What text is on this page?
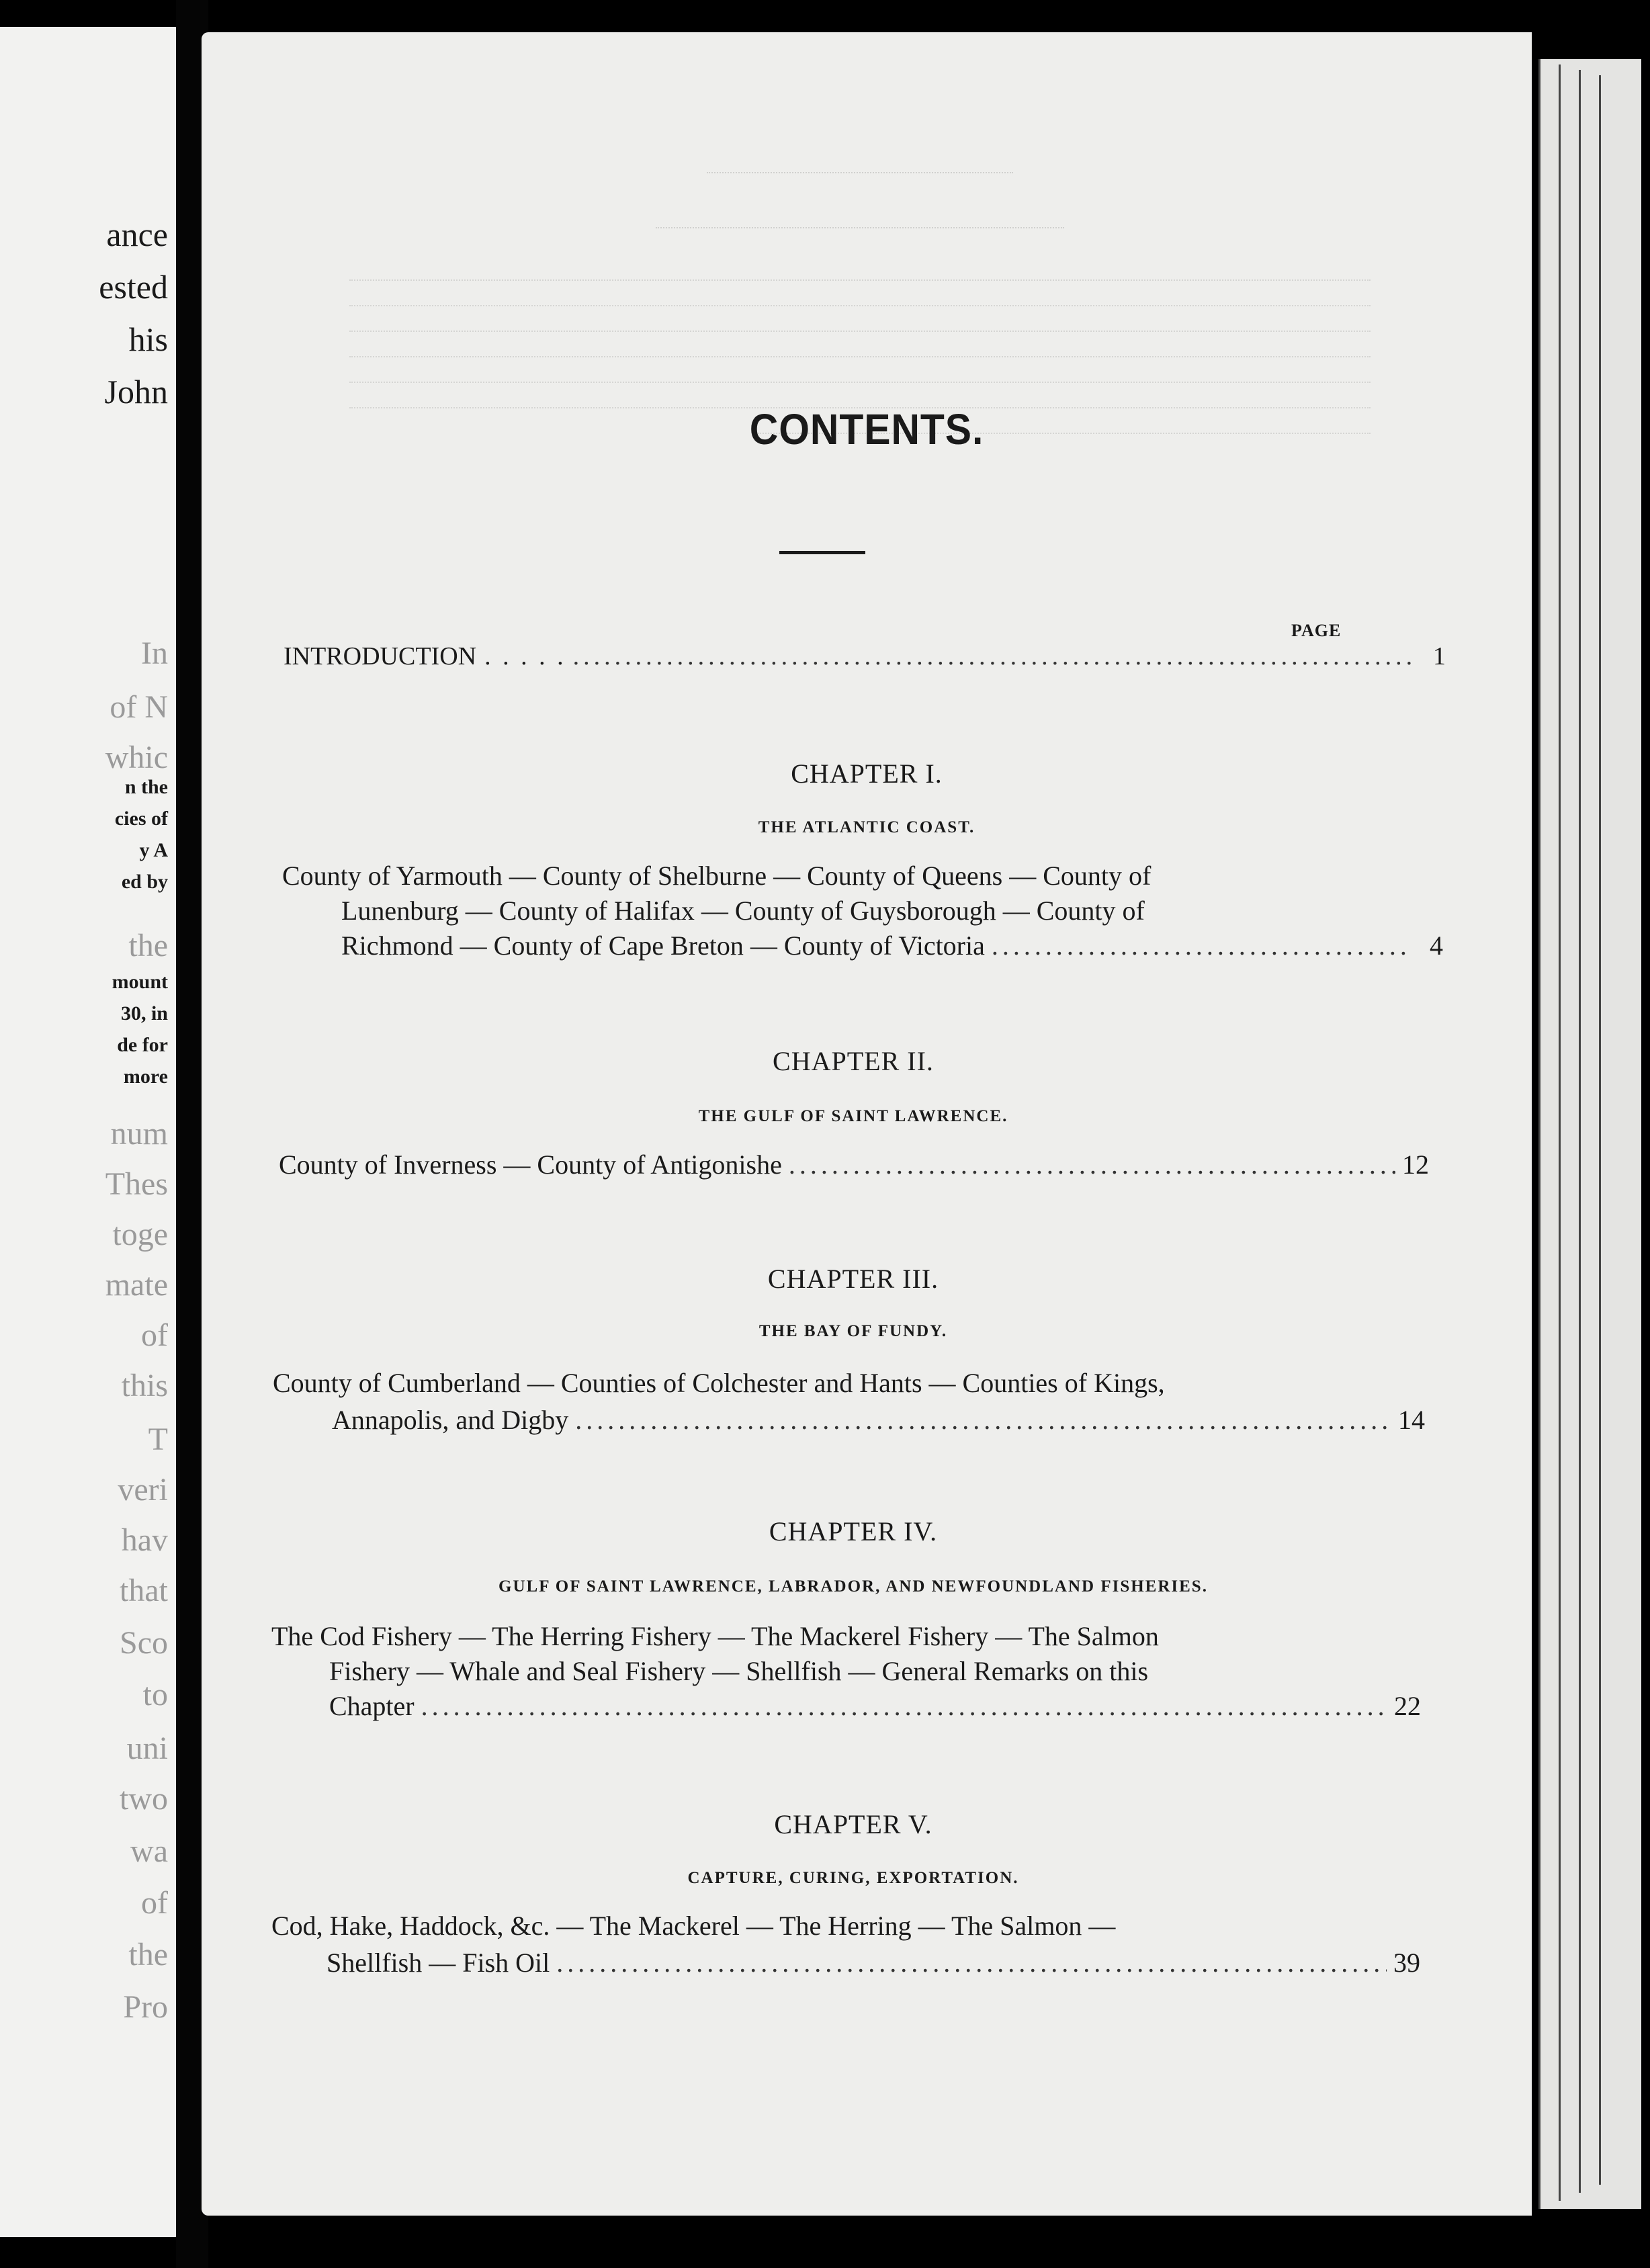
ance
ested
his
John
In
of N
whic
n the
cies of
y A
ed by
the
mount
30, in
de for
more
num
Thes
toge
mate
of
this
T
veri
hav
that
Sco
to
uni
two
wa
of
the
Pro
CONTENTS.
PAGE
INTRODUCTION . . . . . .....	1
CHAPTER I.
THE ATLANTIC COAST.
County of Yarmouth — County of Shelburne — County of Queens — County of
Lunenburg — County of Halifax — County of Guysborough — County of
Richmond — County of Cape Breton — County of Victoria .....	4
CHAPTER II.
THE GULF OF SAINT LAWRENCE.
County of Inverness — County of Antigonishe .....	12
CHAPTER III.
THE BAY OF FUNDY.
County of Cumberland — Counties of Colchester and Hants — Counties of Kings,
Annapolis, and Digby .....	14
CHAPTER IV.
GULF OF SAINT LAWRENCE, LABRADOR, AND NEWFOUNDLAND FISHERIES.
The Cod Fishery — The Herring Fishery — The Mackerel Fishery — The Salmon
Fishery — Whale and Seal Fishery — Shellfish — General Remarks on this
Chapter .....	22
CHAPTER V.
CAPTURE, CURING, EXPORTATION.
Cod, Hake, Haddock, &c. — The Mackerel — The Herring — The Salmon —
Shellfish — Fish Oil .....	39
